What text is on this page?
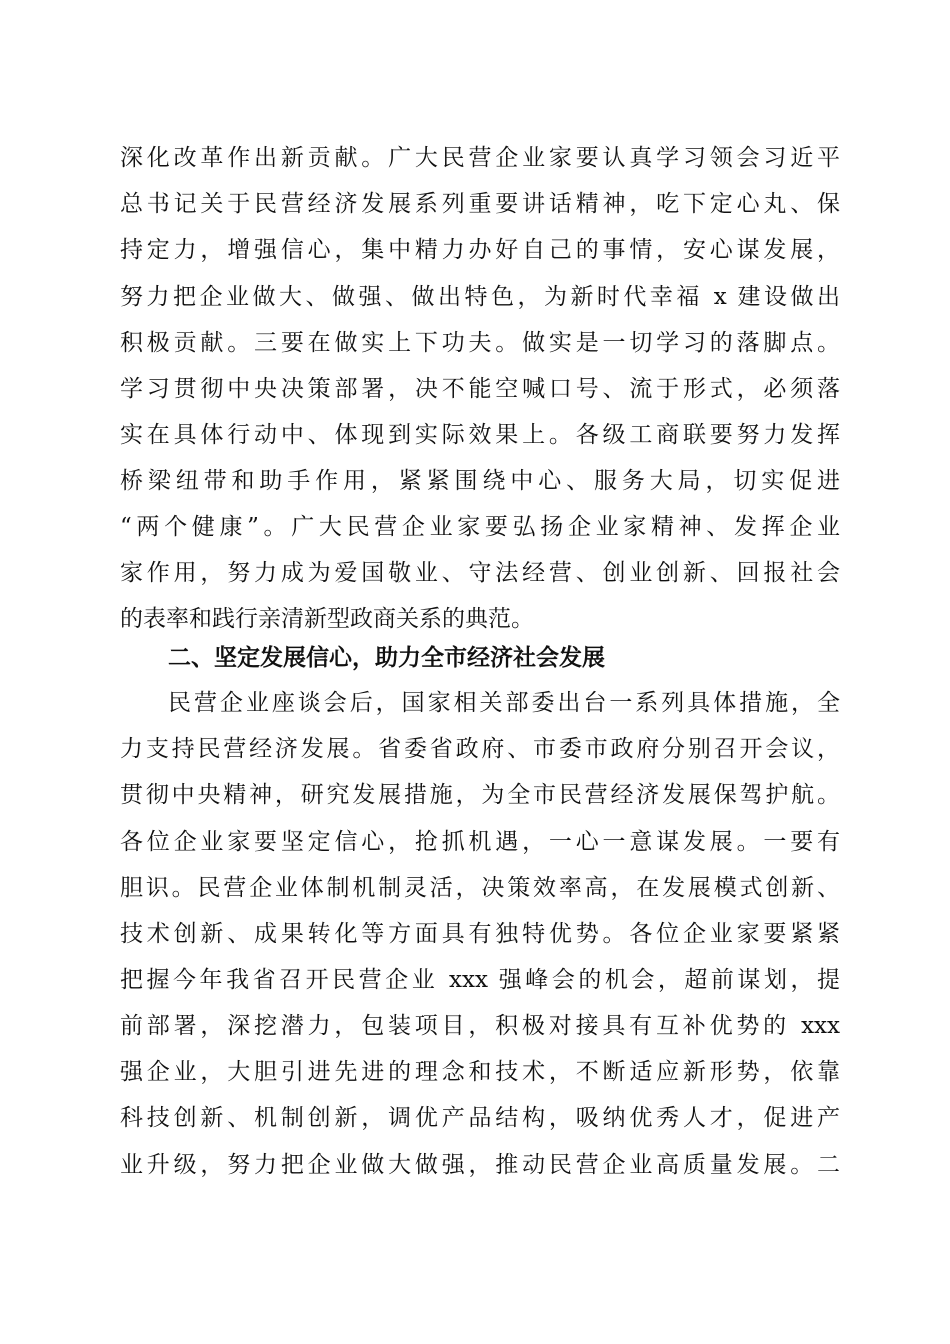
深化改革作出新贡献。广大民营企业家要认真学习领会习近平
总书记关于民营经济发展系列重要讲话精神，吃下定心丸、保
持定力，增强信心，集中精力办好自己的事情，安心谋发展，
努力把企业做大、做强、做出特色，为新时代幸福 x 建设做出
积极贡献。三要在做实上下功夫。做实是一切学习的落脚点。
学习贯彻中央决策部署，决不能空喊口号、流于形式，必须落
实在具体行动中、体现到实际效果上。各级工商联要努力发挥
桥梁纽带和助手作用，紧紧围绕中心、服务大局，切实促进
“两个健康”。广大民营企业家要弘扬企业家精神、发挥企业
家作用，努力成为爱国敬业、守法经营、创业创新、回报社会
的表率和践行亲清新型政商关系的典范。
二、坚定发展信心，助力全市经济社会发展
民营企业座谈会后，国家相关部委出台一系列具体措施，全
力支持民营经济发展。省委省政府、市委市政府分别召开会议，
贯彻中央精神，研究发展措施，为全市民营经济发展保驾护航。
各位企业家要坚定信心，抢抓机遇，一心一意谋发展。一要有
胆识。民营企业体制机制灵活，决策效率高，在发展模式创新、
技术创新、成果转化等方面具有独特优势。各位企业家要紧紧
把握今年我省召开民营企业 xxx 强峰会的机会，超前谋划，提
前部署，深挖潜力，包装项目，积极对接具有互补优势的 xxx
强企业，大胆引进先进的理念和技术，不断适应新形势，依靠
科技创新、机制创新，调优产品结构，吸纳优秀人才，促进产
业升级，努力把企业做大做强，推动民营企业高质量发展。二
